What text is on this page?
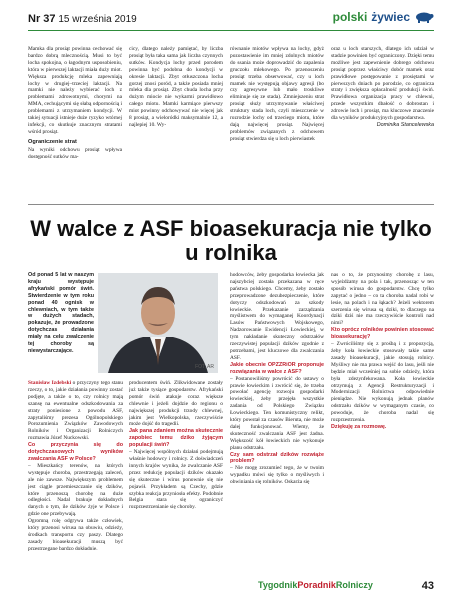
Nr 37 15 września 2019	polski żywiec

Mamka dla prosiąt powinna cechować się bardzo dobrą mlecznością. Musi to być locha spokojna, o łagodnym usposobieniu, która w pierwszej laktacji miała duży miot. Większa produkcję mleka zapewniają lochy w drugiej–trzeciej laktacji. Na mamki nie należy wybierać loch z problemami zdrowotnymi, chorymi na MMA, cechującymi się słabą odpornością i problemami z utrzymaniem kondycji. W takiej sytuacji istnieje duże ryzyko wtórnej infekcji, co skutkuje znacznym stratami wśród prosiąt.

Ograniczenie strat

Na wyniki odchowu prosiąt wpływa dostępność sutków ma-

cicy, dlatego należy pamiętać, by liczba prosiąt była taka sama jak liczba czynnych sutków. Kondycja lochy przed porodem powinna być podobna do kondycji w okresie laktacji. Zbyt otłuszczona locha gorzej znosi poród, a także posiada mniej mleka dla prosiąt. Zbyt chuda locha przy dużym miocie nie wykarmi prawidłowo całego miotu. Mamki karmiące pierwszy miot powinny odchowywać nie więcej jak 8 prosiąt, a wieloródki maksymalnie 12, a najlepiej 10. Wy-

równanie miotów wpływa na lochy, gdyż pozostawienie im mniej zdolnych miotów do ssania może doprowadzić do zapalenia gruczołu mlekowego. Po przenoszeniu prosiąt trzeba obserwować, czy u loch mamek nie występują objawy agresji (bo czy agresywne lub mało troskliwe eliminuje się ze stada). Zmniejszeniu strat prosiąt służy utrzymywanie właściwej struktury stada loch, czyli mieszczenie w rozrodzie lochy od trzeciego miotu, które dają najwięcej prosiąt. Najwięcej problemów związanych z odchowem prosiąt stwierdza się u loch pierwiastek

oraz u loch starszych, dlatego ich udział w stadzie powinien być ograniczony. Dzięki temu możliwe jest zapewnienie dobrego odchowu prosiąt poprzez właściwy dobór mamek oraz prawidłowe postępowanie z prosiętami w pierwszych dniach po porodzie, co ogranicza straty i zwiększa opłacalność produkcji świń. Prawidłowa organizacja pracy w chlewni, przede wszystkim dbałość o dobrostan i zdrowie loch i prosiąt, ma kluczowe znaczenie dla wyników produkcyjnych gospodarstwa.

Dominika Stancelewska

W walce z ASF bioasekuracja nie tylko u rolnika

Od ponad 5 lat w naszym kraju występuje afrykański pomór świń. Stwierdzenie w tym roku ponad 40 ognisk w chlewniach, w tym także w dużych stadach, pokazuje, że prowadzone dotychczas działania miały na celu zwalczenie tej choroby są niewystarczające.

FOT. AR

Stanisław Izdebski o przyczyny tego stanu rzeczy, o to, jakie działania powinny zostać podjęte, a także o to, czy rolnicy mają szansę na ewentualne odszkodowania za straty poniesione z powodu ASF, zapytaliśmy prezesa Ogólnopolskiego Porozumienia Związków Zawodowych Rolników i Organizacji Rolniczych rozmawia Józef Nuckowski.

Co przyczynia się do dotychczasowych wyników zwalczania ASF w Polsce?

– Mieszkańcy terenów, na których występuje choroba, przestrzegają zaleceń, ale nie zawsze. Największym problemem jest ciągle przemieszczanie się dzików, które przenoszą chorobę na duże odległości. Nadal brakuje dokładnych danych o tym, ile dzików żyje w Polsce i gdzie one przebywają.

Ogromną rolę odgrywa także człowiek, który przenosi wirusa na obuwiu, odzieży, środkach transportu czy paszy. Dlatego zasady bioasekuracji muszą być przestrzegane bardzo dokładnie.

producentem świń. Zlikwidowane zostały już także tysiące gospodarstw. Afrykański pomór świń atakuje coraz większe chlewnie i jeżeli dojdzie do regionu o największej produkcji trzody chlewnej, jakim jest Wielkopolska, rzeczywiście może dojść do tragedii.

Jak pana zdaniem można skutecznie zapobiec temu dziko żyjącym populacji świń?

– Najwięcej wspólnych działań podejmują właśnie hodowcy i rolnicy. Z doświadczeń innych krajów wynika, że zwalczanie ASF przez redukcję populacji dzików okazało się skuteczne i wirus ponownie się nie pojawił. Przykładem są Czechy, gdzie szybka reakcja przyniosła efekty. Podobnie Belgia stara się ograniczyć rozprzestrzenianie się choroby.

hodowców, żeby gospodarka łowiecka jak najszybciej została przekazana w ręce państwa polskiego. Chcemy, żeby zostało przeprowadzone dezubezpieczenie, które dotyczy odszkodowań za szkody łowieckie. Przekazanie zarządzania myślistwem do wymaganej Koordynacji Lasów Państwowych Wojskowego, Nadzorowanie Ewidencji Łowieckiej, w tym nakładanie skuteczny odstrzałów rzeczywistej populacji dzików zgodnie z potrzebami, jest kluczowe dla zwalczania ASF.

Jakie obecnie OPZZRiOR proponuje rozwiązania w walce z ASF?

– Postanowiliśmy powrócić do ustawy o prawie łowieckim i zwrócić się, że trzeba powołać agencję rozwoju gospodarki łowieckiej, żeby przejęła wszystkie zadania od Polskiego Związku Łowieckiego. Ten komunistyczny relikt, który powstał za czasów Bieruta, nie może dalej funkcjonować. Wiemy, że skuteczność zwalczania ASF jest żadna. Większość kół łowieckich nie wykonuje planu odstrzału.

Czy sam odstrzał dzików rozwiąże problem?

– Nie mogę zrozumieć tego, że w twoim wypadku mówi się tylko o myśliwych i obwiniania się rolników. Oskarża się

nas o to, że przynosimy chorobę z lasu, wyjeżdżamy na pola i tak, przenosząc w ten sposób wirusa do gospodarstw. Chcę tylko zapytać o jedno – co ta choroba nadal robi w lesie, na polach i na łąkach? Jeżeli wektorem szerzenia się wirusa są dziki, to dlaczego na dziki dziś nie ma rzeczywiście kontroli nad nimi?

Kto oprócz rolników powinien stosować bioasekurację?

– Zwróciliśmy się z prośbą i z propozycją, żeby koła łowieckie stosowały takie same zasady bioasekuracji, jakie stosują rolnicy. Myśliwy nie ma prawa wejść do lasu, jeśli nie będzie miał wcześniej na sobie odzieży, która była zdezynfekowana. Koła łowieckie otrzymują z Agencji Restrukturyzacji i Modernizacji Rolnictwa odpowiednie pieniądze. Nie wykonują jednak planów odstrzału dzików w wymaganym czasie, co powoduje, że choroba nadal się rozprzestrzenia.

Dziękuję za rozmowę.

TygodnikPoradnikRolniczy	43
